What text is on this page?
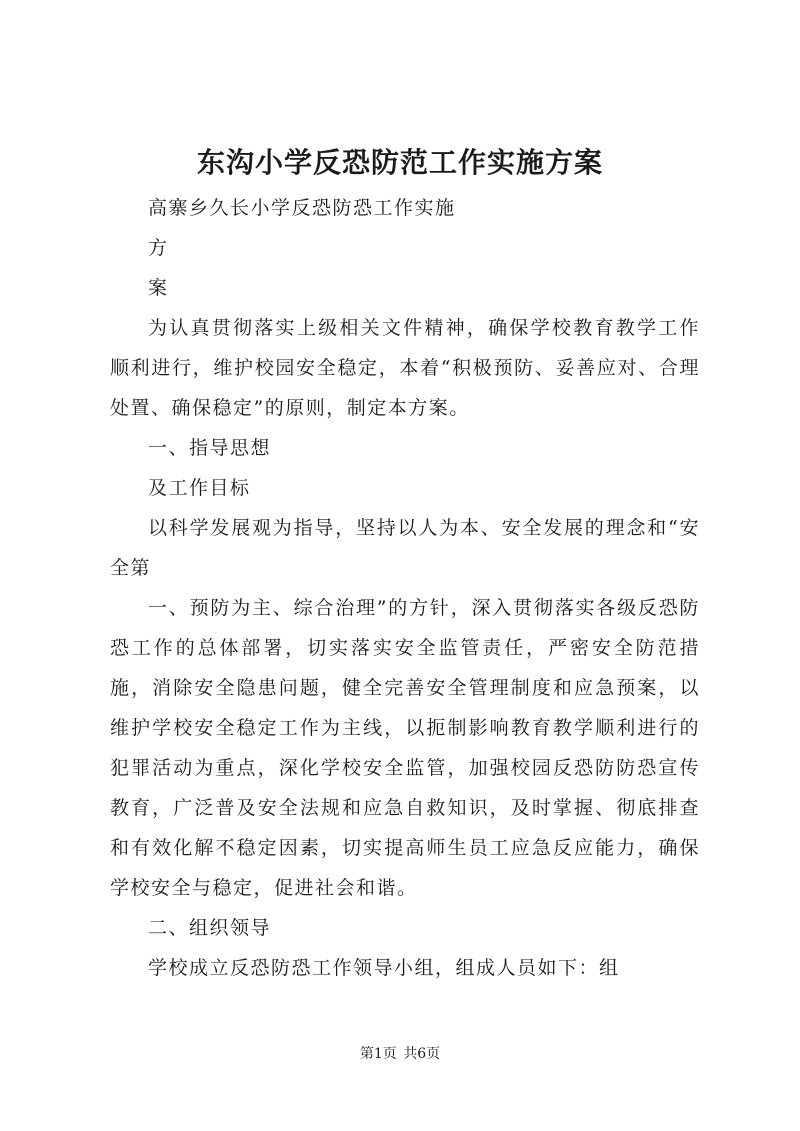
东沟小学反恐防范工作实施方案

高寨乡久长小学反恐防恐工作实施

方

案

为认真贯彻落实上级相关文件精神，确保学校教育教学工作顺利进行，维护校园安全稳定，本着“积极预防、妥善应对、合理处置、确保稳定”的原则，制定本方案。

一、指导思想

及工作目标

以科学发展观为指导，坚持以人为本、安全发展的理念和“安全第

一、预防为主、综合治理”的方针，深入贯彻落实各级反恐防恐工作的总体部署，切实落实安全监管责任，严密安全防范措施，消除安全隐患问题，健全完善安全管理制度和应急预案，以维护学校安全稳定工作为主线，以扼制影响教育教学顺利进行的犯罪活动为重点，深化学校安全监管，加强校园反恐防防恐宣传教育，广泛普及安全法规和应急自救知识，及时掌握、彻底排查和有效化解不稳定因素，切实提高师生员工应急反应能力，确保学校安全与稳定，促进社会和谐。

二、组织领导

学校成立反恐防恐工作领导小组，组成人员如下：组

第1页 共6页
